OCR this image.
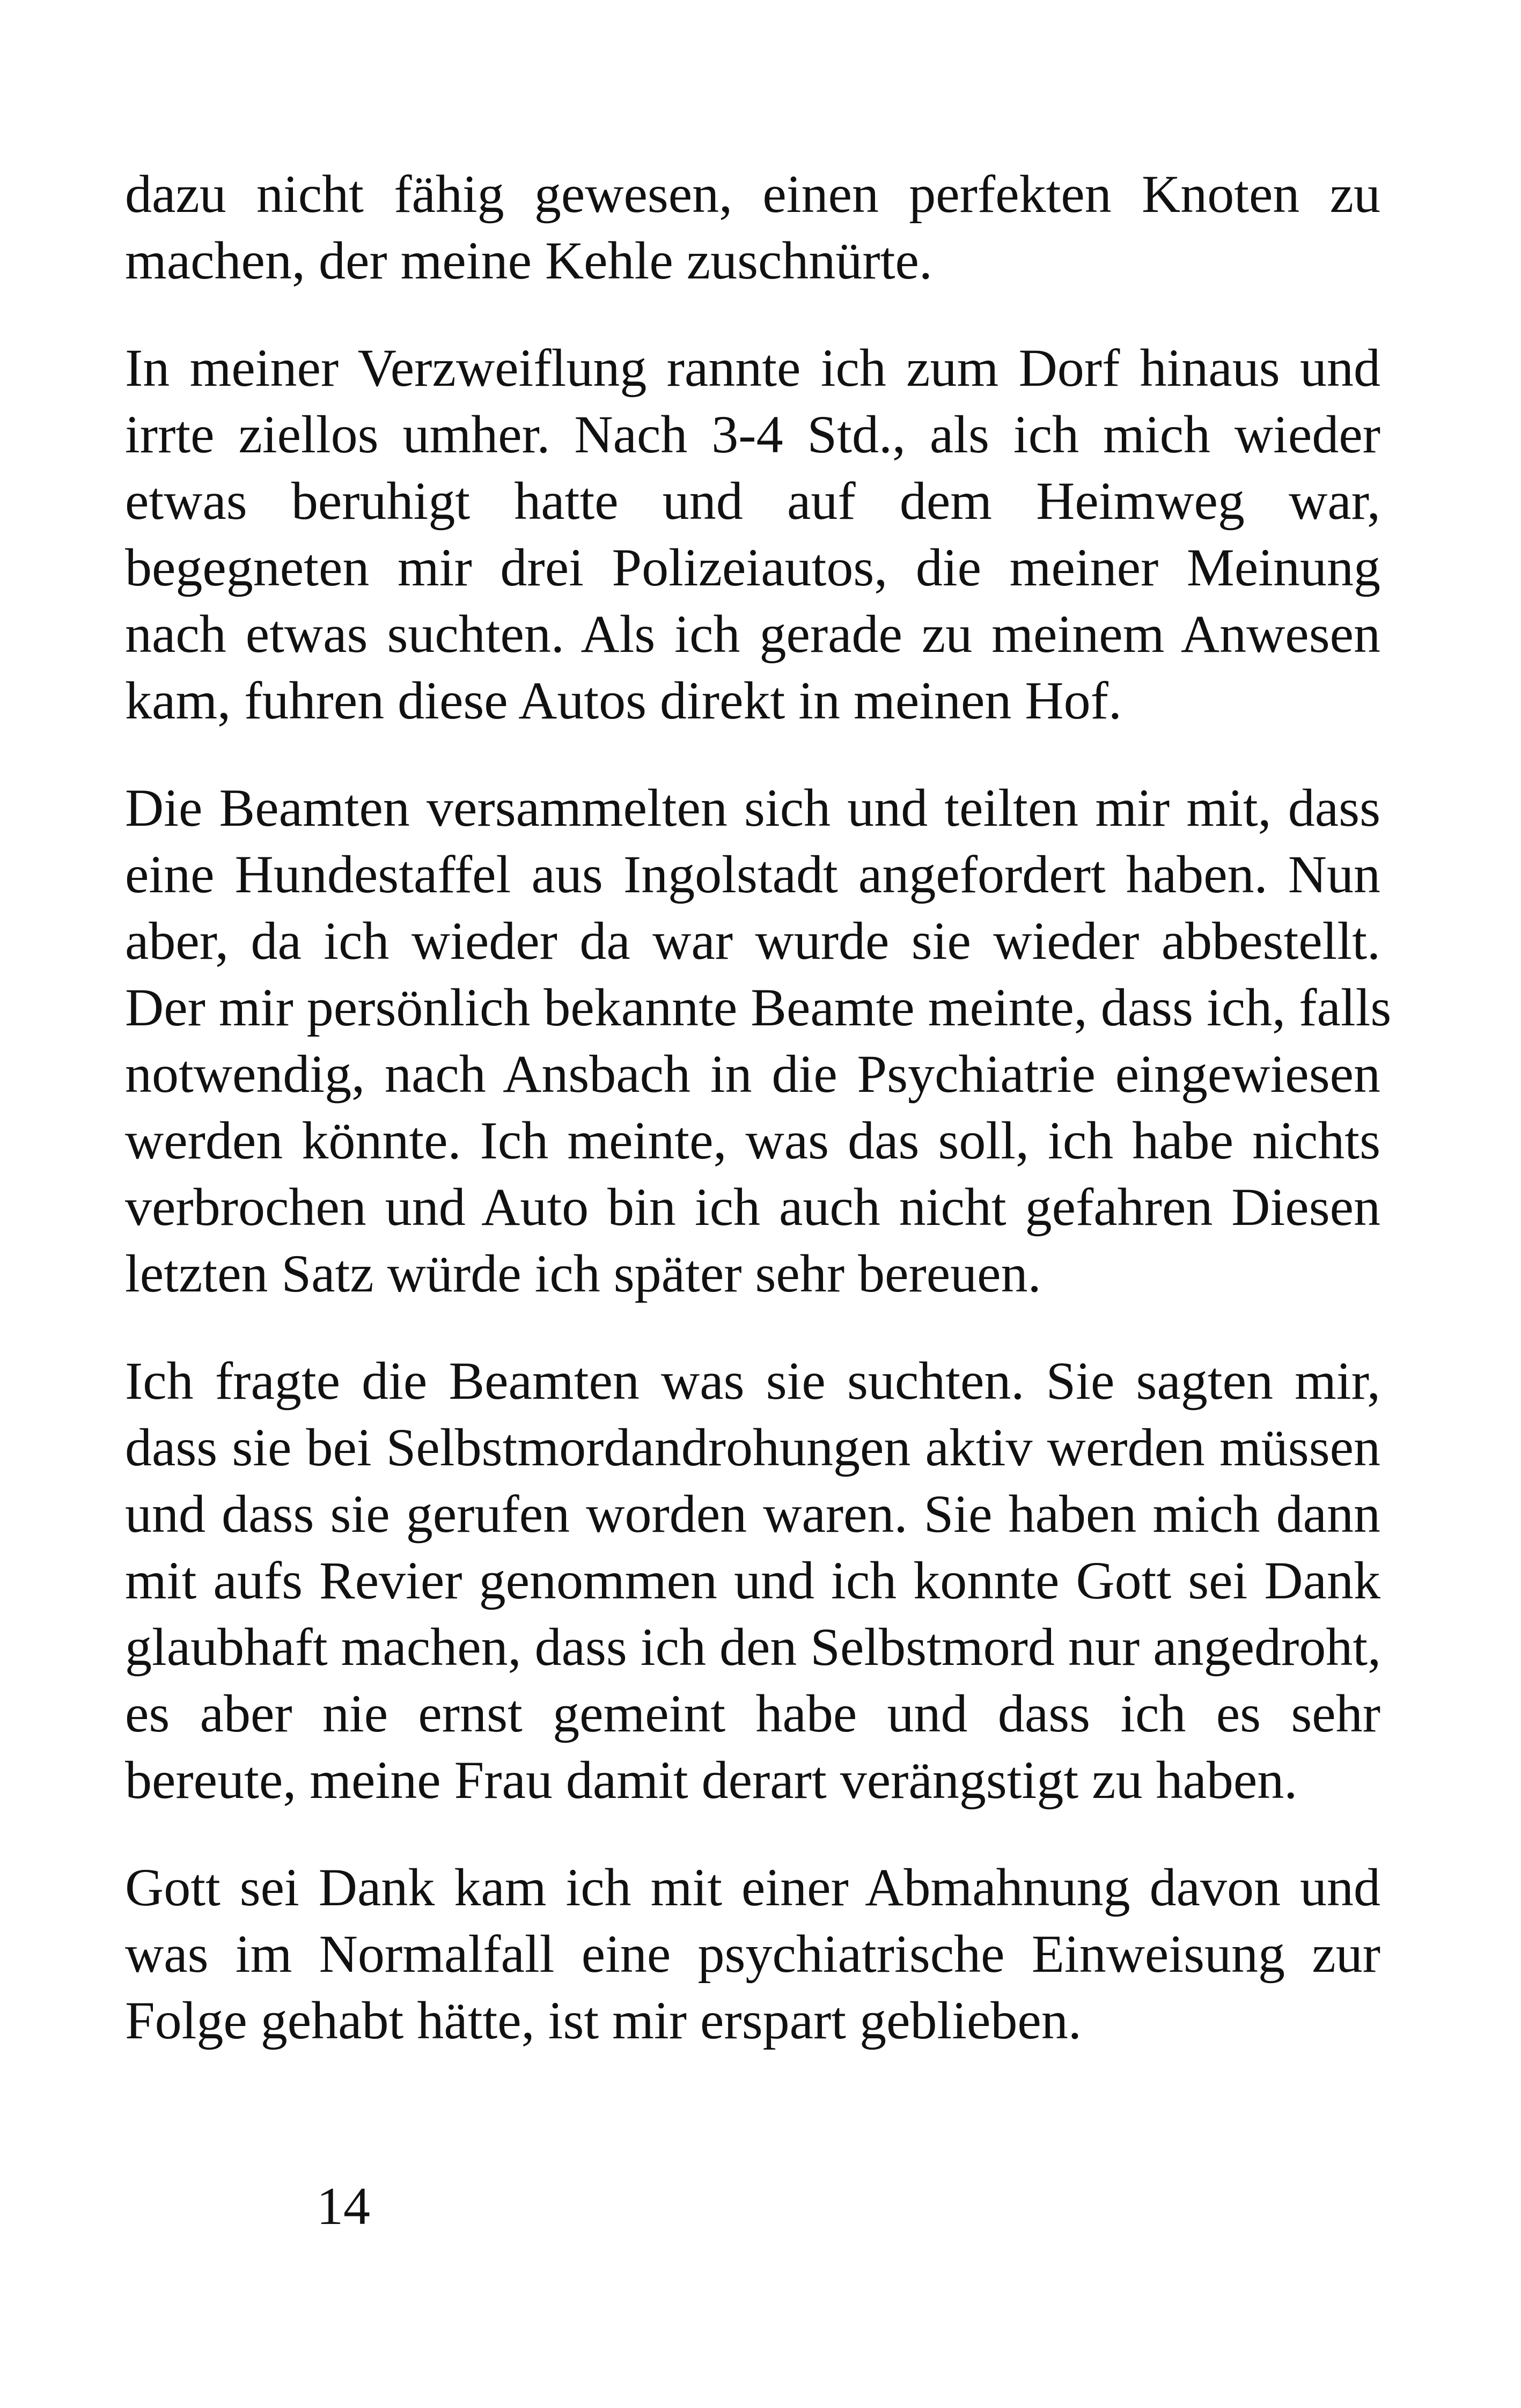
dazu nicht fähig gewesen, einen perfekten Knoten zu
machen, der meine Kehle zuschnürte.

In meiner Verzweiflung rannte ich zum Dorf hinaus und
irrte ziellos umher. Nach 3-4 Std., als ich mich wieder
etwas beruhigt hatte und auf dem Heimweg war,
begegneten mir drei Polizeiautos, die meiner Meinung
nach etwas suchten. Als ich gerade zu meinem Anwesen
kam, fuhren diese Autos direkt in meinen Hof.

Die Beamten versammelten sich und teilten mir mit, dass
eine Hundestaffel aus Ingolstadt angefordert haben. Nun
aber, da ich wieder da war wurde sie wieder abbestellt.
Der mir persönlich bekannte Beamte meinte, dass ich, falls
notwendig, nach Ansbach in die Psychiatrie eingewiesen
werden könnte. Ich meinte, was das soll, ich habe nichts
verbrochen und Auto bin ich auch nicht gefahren Diesen
letzten Satz würde ich später sehr bereuen.

Ich fragte die Beamten was sie suchten. Sie sagten mir,
dass sie bei Selbstmordandrohungen aktiv werden müssen
und dass sie gerufen worden waren. Sie haben mich dann
mit aufs Revier genommen und ich konnte Gott sei Dank
glaubhaft machen, dass ich den Selbstmord nur angedroht,
es aber nie ernst gemeint habe und dass ich es sehr
bereute, meine Frau damit derart verängstigt zu haben.

Gott sei Dank kam ich mit einer Abmahnung davon und
was im Normalfall eine psychiatrische Einweisung zur
Folge gehabt hätte, ist mir erspart geblieben.

14
